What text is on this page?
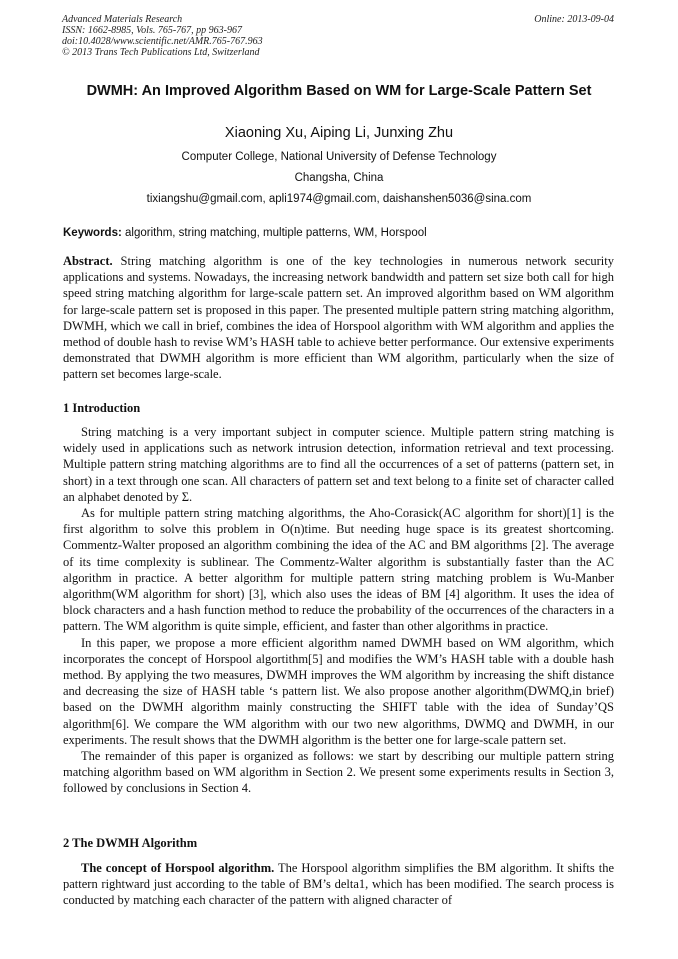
Advanced Materials Research
ISSN: 1662-8985, Vols. 765-767, pp 963-967
doi:10.4028/www.scientific.net/AMR.765-767.963
© 2013 Trans Tech Publications Ltd, Switzerland
Online: 2013-09-04
DWMH: An Improved Algorithm Based on WM for Large-Scale Pattern Set
Xiaoning Xu, Aiping Li, Junxing Zhu
Computer College, National University of Defense Technology
Changsha, China
tixiangshu@gmail.com, apli1974@gmail.com, daishanshen5036@sina.com
Keywords: algorithm, string matching, multiple patterns, WM, Horspool

Abstract. String matching algorithm is one of the key technologies in numerous network security applications and systems. Nowadays, the increasing network bandwidth and pattern set size both call for high speed string matching algorithm for large-scale pattern set. An improved algorithm based on WM algorithm for large-scale pattern set is proposed in this paper. The presented multiple pattern string matching algorithm, DWMH, which we call in brief, combines the idea of Horspool algorithm with WM algorithm and applies the method of double hash to revise WM’s HASH table to achieve better performance. Our extensive experiments demonstrated that DWMH algorithm is more efficient than WM algorithm, particularly when the size of pattern set becomes large-scale.

1 Introduction

String matching is a very important subject in computer science. Multiple pattern string matching is widely used in applications such as network intrusion detection, information retrieval and text processing. Multiple pattern string matching algorithms are to find all the occurrences of a set of patterns (pattern set, in short) in a text through one scan. All characters of pattern set and text belong to a finite set of character called an alphabet denoted by Σ.

As for multiple pattern string matching algorithms, the Aho-Corasick(AC algorithm for short)[1] is the first algorithm to solve this problem in O(n)time. But needing huge space is its greatest shortcoming. Commentz-Walter proposed an algorithm combining the idea of the AC and BM algorithms [2]. The average of its time complexity is sublinear. The Commentz-Walter algorithm is substantially faster than the AC algorithm in practice. A better algorithm for multiple pattern string matching problem is Wu-Manber algorithm(WM algorithm for short) [3], which also uses the ideas of BM [4] algorithm. It uses the idea of block characters and a hash function method to reduce the probability of the occurrences of the characters in a pattern. The WM algorithm is quite simple, efficient, and faster than other algorithms in practice.

In this paper, we propose a more efficient algorithm named DWMH based on WM algorithm, which incorporates the concept of Horspool algortithm[5] and modifies the WM’s HASH table with a double hash method. By applying the two measures, DWMH improves the WM algorithm by increasing the shift distance and decreasing the size of HASH table ‘s pattern list. We also propose another algorithm(DWMQ,in brief) based on the DWMH algorithm mainly constructing the SHIFT table with the idea of Sunday’QS algorithm[6]. We compare the WM algorithm with our two new algorithms, DWMQ and DWMH, in our experiments. The result shows that the DWMH algorithm is the better one for large-scale pattern set.

The remainder of this paper is organized as follows: we start by describing our multiple pattern string matching algorithm based on WM algorithm in Section 2. We present some experiments results in Section 3, followed by conclusions in Section 4.

2 The DWMH Algorithm

The concept of Horspool algorithm. The Horspool algorithm simplifies the BM algorithm. It shifts the pattern rightward just according to the table of BM’s delta1, which has been modified. The search process is conducted by matching each character of the pattern with aligned character of
